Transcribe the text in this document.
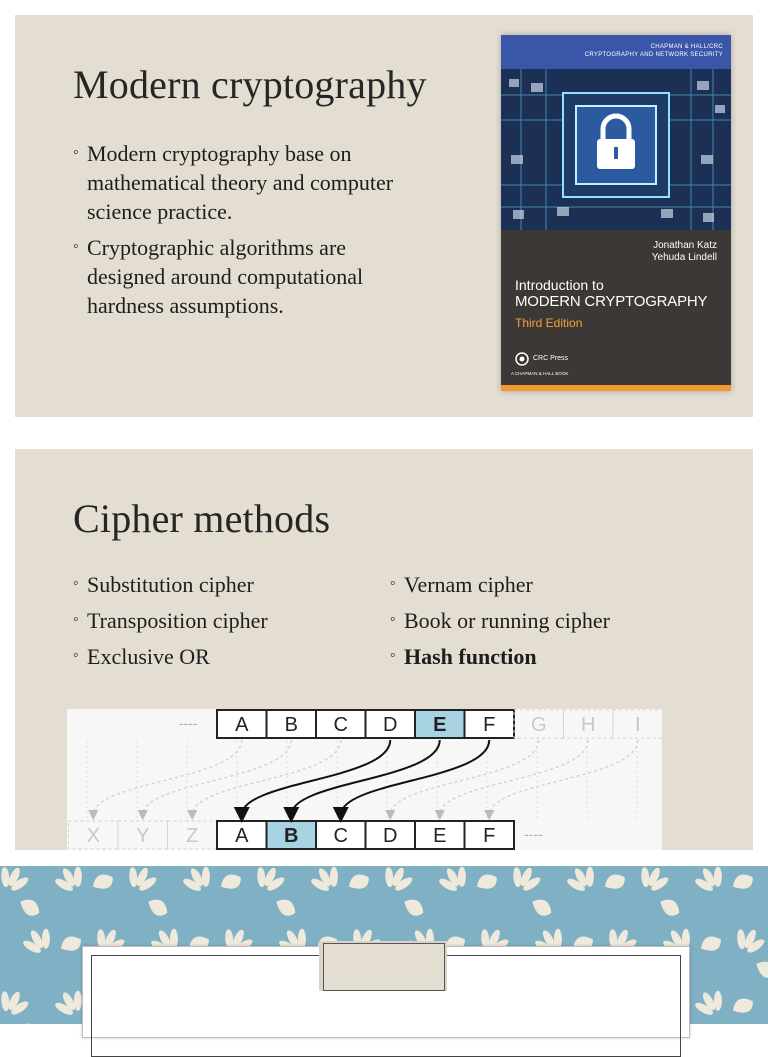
Modern cryptography
◦ Modern cryptography base on mathematical theory and computer science practice.
◦ Cryptographic algorithms are designed around computational hardness assumptions.
CHAPMAN & HALL/CRC
CRYPTOGRAPHY AND NETWORK SECURITY
Jonathan Katz
Yehuda Lindell
Introduction to
MODERN CRYPTOGRAPHY
Third Edition
CRC Press
A CHAPMAN & HALL BOOK
Cipher methods
◦ Substitution cipher
◦ Transposition cipher
◦ Exclusive OR
◦ Vernam cipher
◦ Book or running cipher
◦ Hash function
A B C D E F G H I
X Y Z A B C D E F
----
----
